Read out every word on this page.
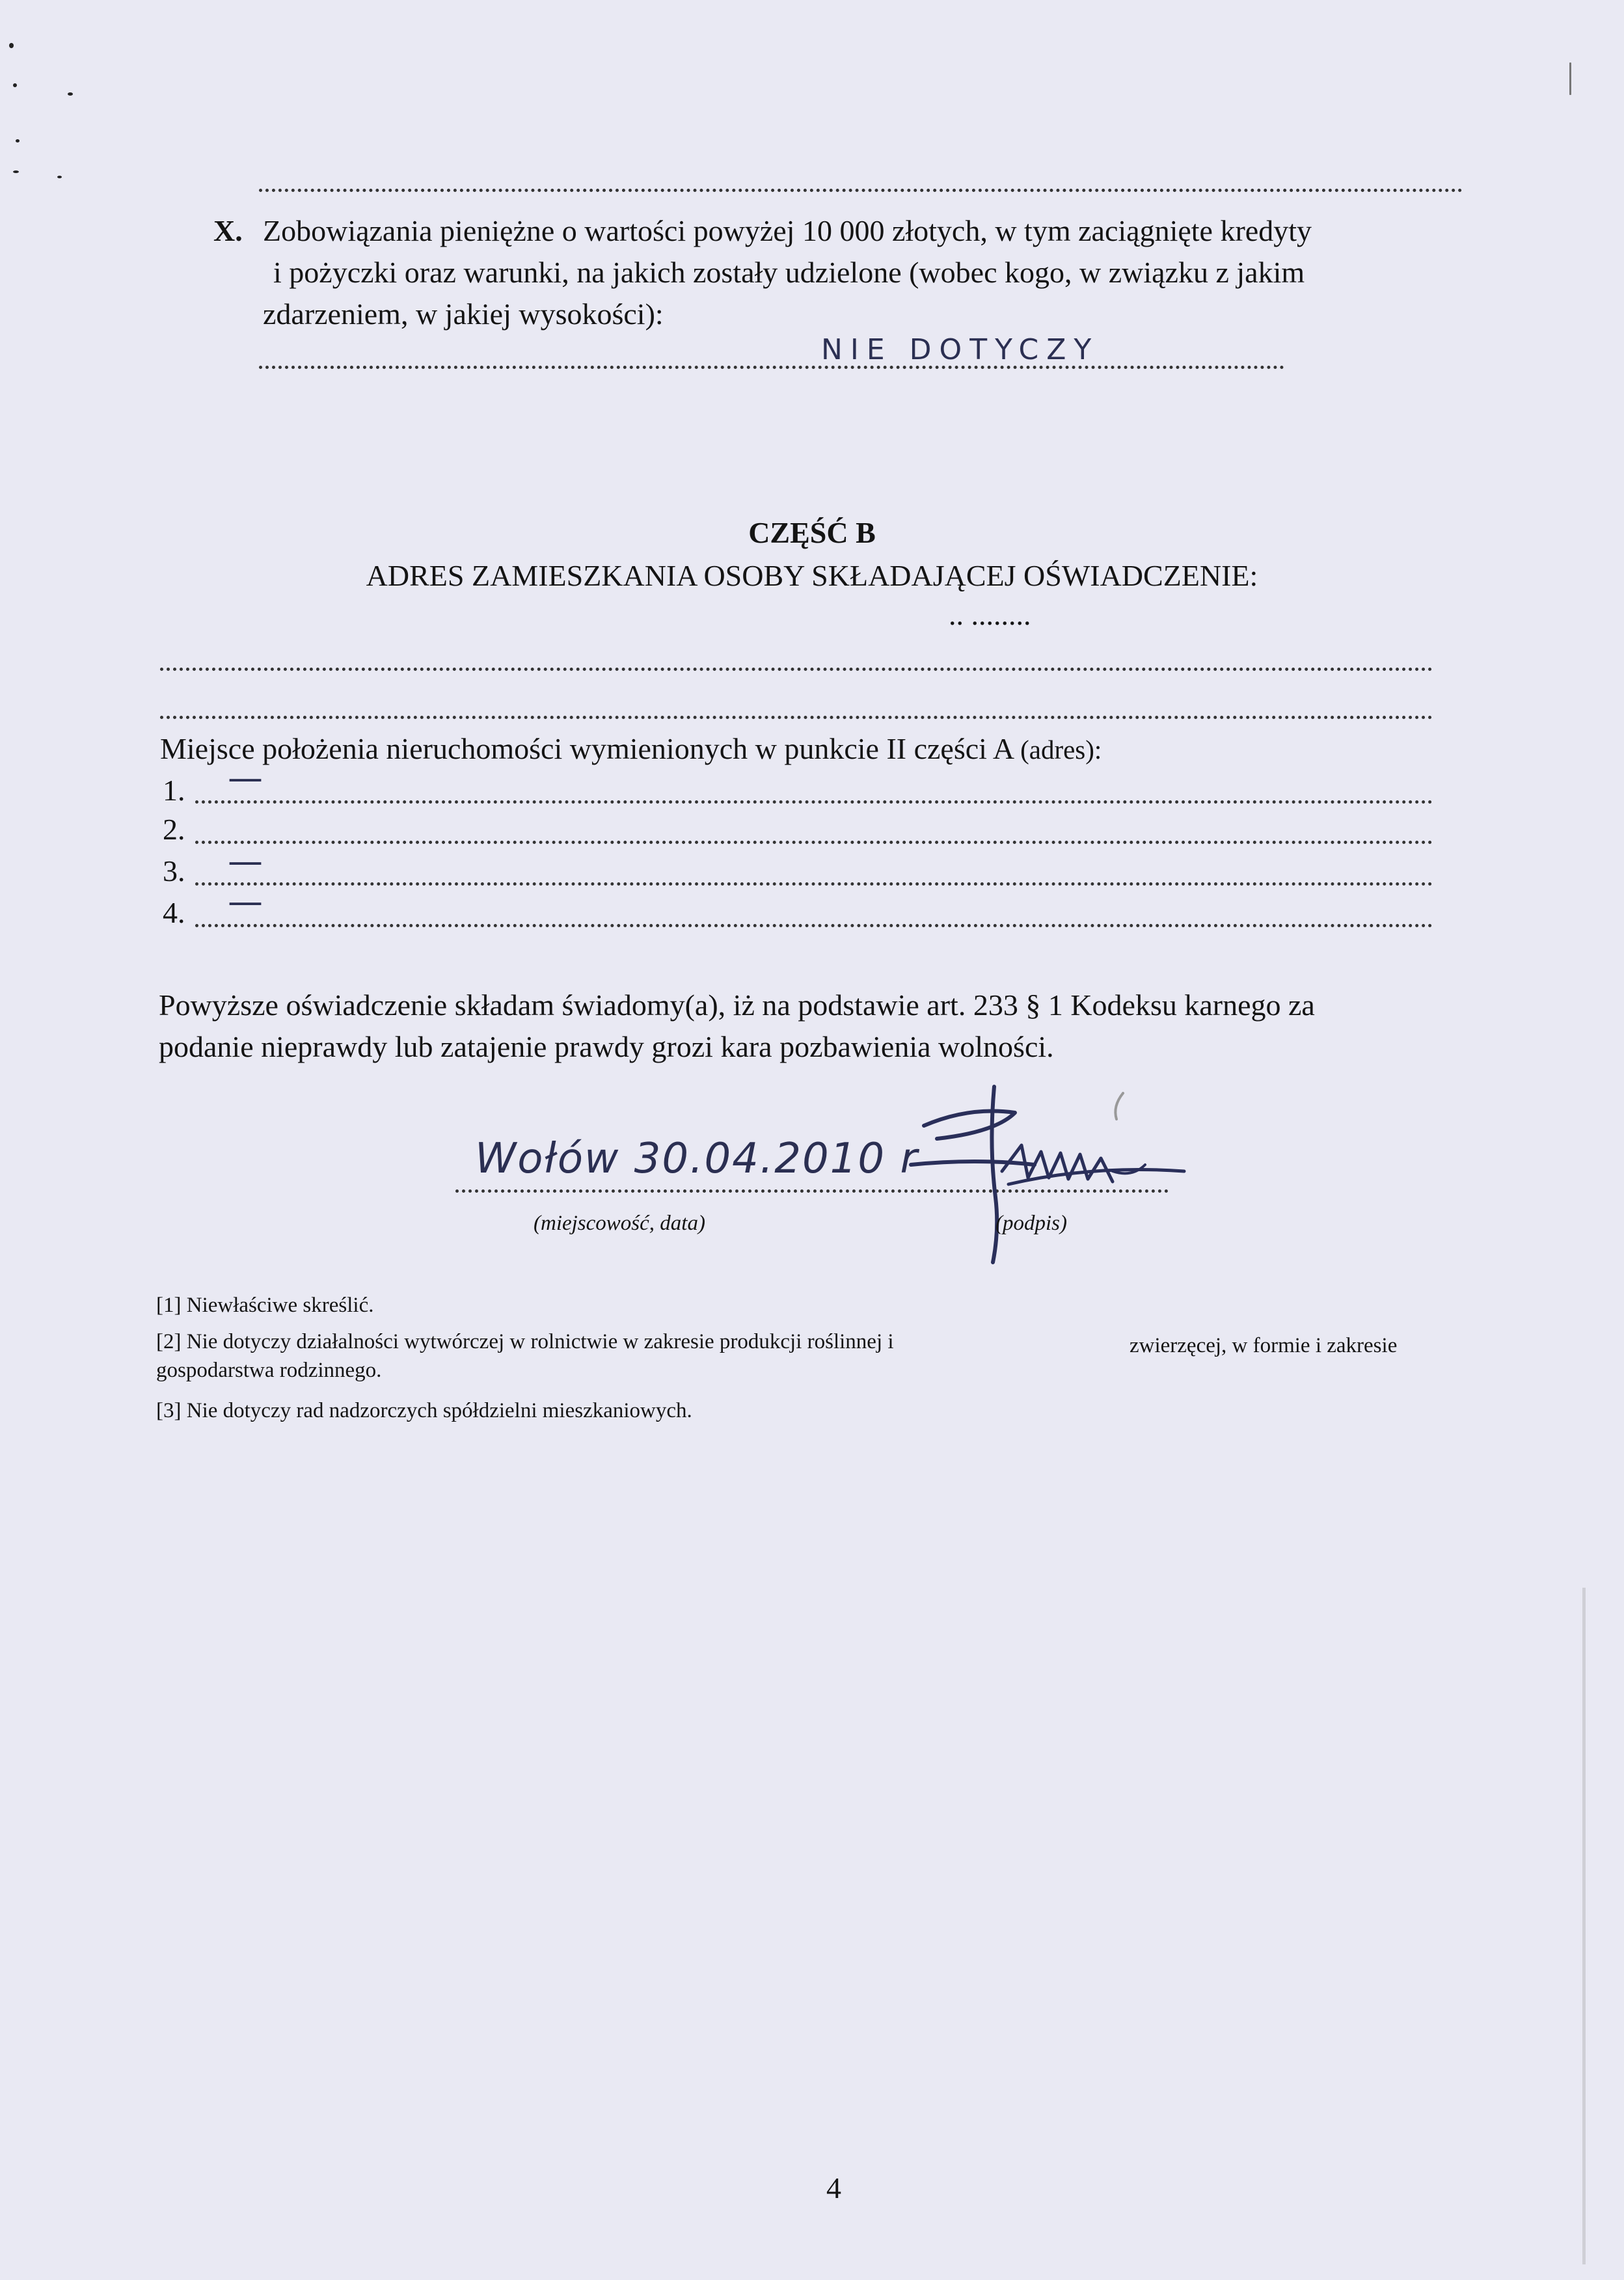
X. Zobowiązania pieniężne o wartości powyżej 10 000 złotych, w tym zaciągnięte kredyty
i pożyczki oraz warunki, na jakich zostały udzielone (wobec kogo, w związku z jakim
zdarzeniem, w jakiej wysokości):
NIE DOTYCZY
CZĘŚĆ B
ADRES ZAMIESZKANIA OSOBY SKŁADAJĄCEJ OŚWIADCZENIE:
.. ........
Miejsce położenia nieruchomości wymienionych w punkcie II części A (adres):
1. —
2.
3. —
4. —
Powyższe oświadczenie składam świadomy(a), iż na podstawie art. 233 § 1 Kodeksu karnego za
podanie nieprawdy lub zatajenie prawdy grozi kara pozbawienia wolności.
Wołów 30.04.2010 r
(miejscowość, data)	(podpis)
[1] Niewłaściwe skreślić.
[2] Nie dotyczy działalności wytwórczej w rolnictwie w zakresie produkcji roślinnej i	zwierzęcej, w formie i zakresie
gospodarstwa rodzinnego.
[3] Nie dotyczy rad nadzorczych spółdzielni mieszkaniowych.
4
